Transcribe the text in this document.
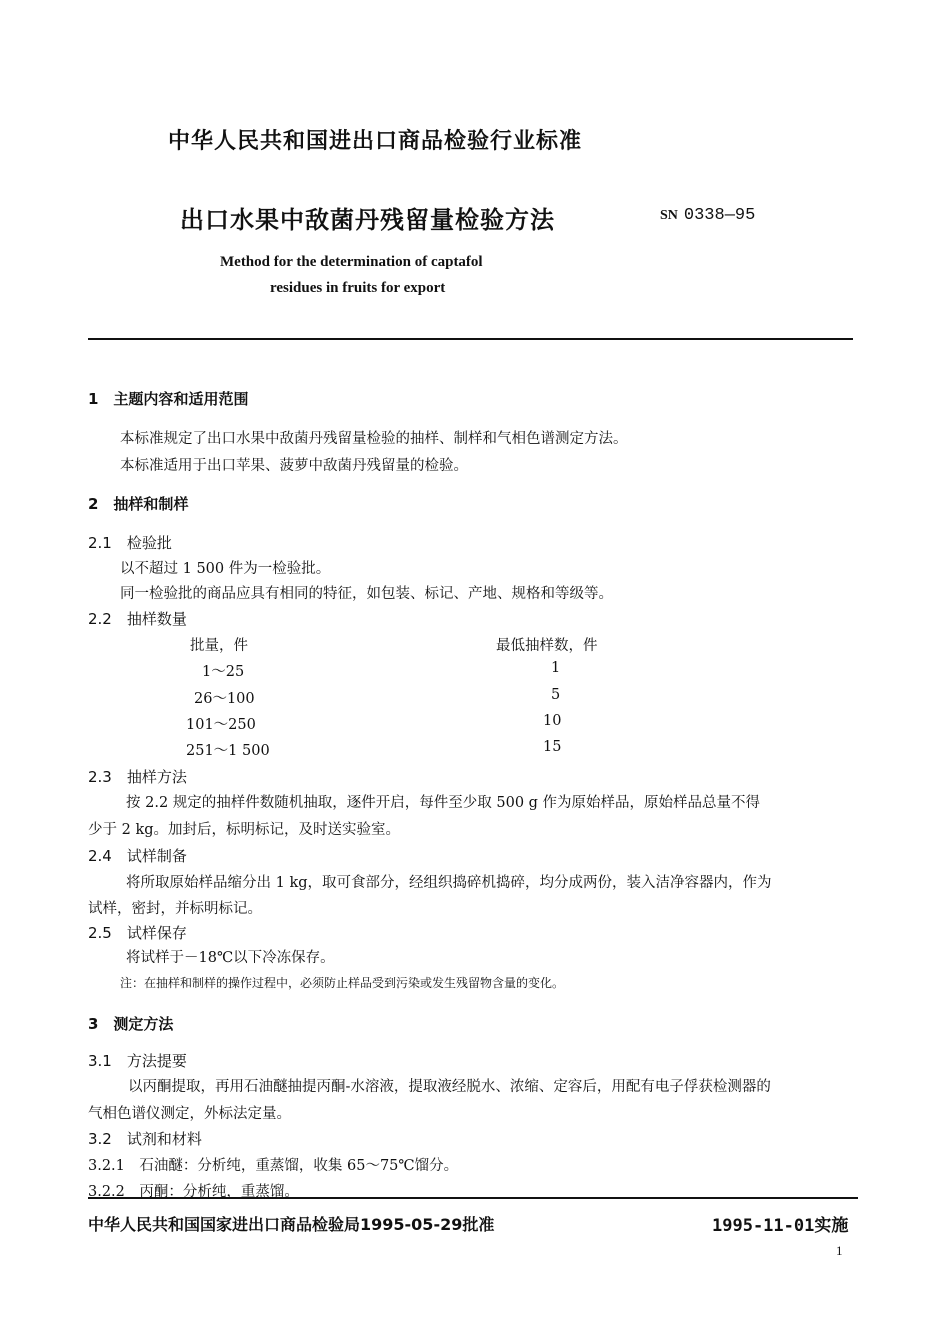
中华人民共和国进出口商品检验行业标准
出口水果中敌菌丹残留量检验方法	SN 0338—95
Method for the determination of captafol
residues in fruits for export
1　主题内容和适用范围
本标准规定了出口水果中敌菌丹残留量检验的抽样、制样和气相色谱测定方法。
本标准适用于出口苹果、菠萝中敌菌丹残留量的检验。
2　抽样和制样
2.1　检验批
以不超过 1 500 件为一检验批。
同一检验批的商品应具有相同的特征，如包装、标记、产地、规格和等级等。
2.2　抽样数量
批量，件	最低抽样数，件
1～25	1
26～100	5
101～250	10
251～1 500	15
2.3　抽样方法
按 2.2 规定的抽样件数随机抽取，逐件开启，每件至少取 500 g 作为原始样品，原始样品总量不得
少于 2 kg。加封后，标明标记，及时送实验室。
2.4　试样制备
将所取原始样品缩分出 1 kg，取可食部分，经组织捣碎机捣碎，均分成两份，装入洁净容器内，作为
试样，密封，并标明标记。
2.5　试样保存
将试样于－18℃以下冷冻保存。
注：在抽样和制样的操作过程中，必须防止样品受到污染或发生残留物含量的变化。
3　测定方法
3.1　方法提要
以丙酮提取，再用石油醚抽提丙酮-水溶液，提取液经脱水、浓缩、定容后，用配有电子俘获检测器的
气相色谱仪测定，外标法定量。
3.2　试剂和材料
3.2.1　石油醚：分析纯，重蒸馏，收集 65～75℃馏分。
3.2.2　丙酮：分析纯，重蒸馏。
中华人民共和国国家进出口商品检验局1995-05-29批准	1995-11-01实施
1
